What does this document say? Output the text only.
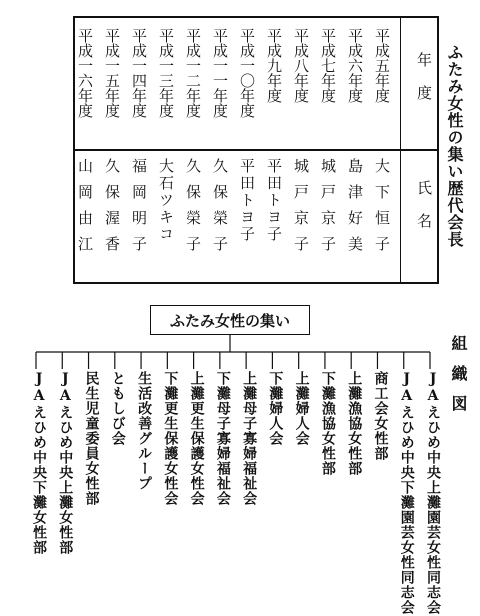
年度
氏名
平成五年度
平成六年度
平成七年度
平成八年度
平成九年度
平成一〇年度
平成一一年度
平成一二年度
平成一三年度
平成一四年度
平成一五年度
平成一六年度
大下恒子
島津好美
城戸京子
城戸京子
平田トヨ子
平田トヨ子
久保榮子
久保榮子
大石ツキコ
福岡明子
久保渥香
山岡由江	ふたみ女性の集い歴代会長
ふたみ女性の集い
組織図
JAえひめ中央上灘園芸女性同志会
JAえひめ中央下灘園芸女性同志会
商工会女性部
上灘漁協女性部
下灘漁協女性部
上灘婦人会
下灘婦人会
上灘母子寡婦福祉会
下灘母子寡婦福祉会
上灘更生保護女性会
下灘更生保護女性会
生活改善グループ
ともしび会
民生児童委員女性部
JAえひめ中央上灘女性部
JAえひめ中央下灘女性部
